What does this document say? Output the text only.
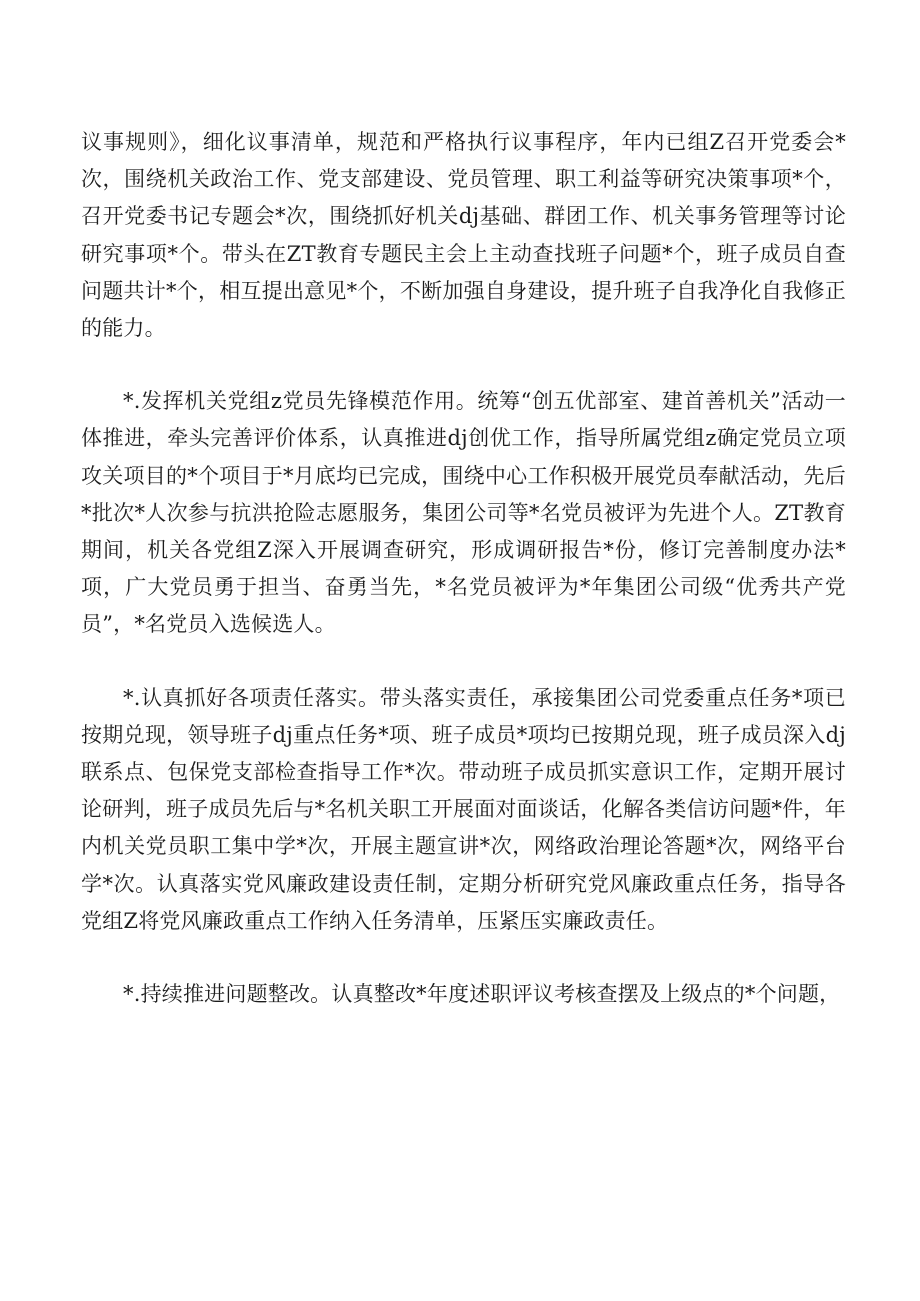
议事规则》，细化议事清单，规范和严格执行议事程序，年内已组Z召开党委会*次，围绕机关政治工作、党支部建设、党员管理、职工利益等研究决策事项*个，召开党委书记专题会*次，围绕抓好机关dj基础、群团工作、机关事务管理等讨论研究事项*个。带头在ZT教育专题民主会上主动查找班子问题*个，班子成员自查问题共计*个，相互提出意见*个，不断加强自身建设，提升班子自我净化自我修正的能力。

*.发挥机关党组z党员先锋模范作用。统筹“创五优部室、建首善机关”活动一体推进，牵头完善评价体系，认真推进dj创优工作，指导所属党组z确定党员立项攻关项目的*个项目于*月底均已完成，围绕中心工作积极开展党员奉献活动，先后*批次*人次参与抗洪抢险志愿服务，集团公司等*名党员被评为先进个人。ZT教育期间，机关各党组Z深入开展调查研究，形成调研报告*份，修订完善制度办法*项，广大党员勇于担当、奋勇当先，*名党员被评为*年集团公司级“优秀共产党员”，*名党员入选候选人。

*.认真抓好各项责任落实。带头落实责任，承接集团公司党委重点任务*项已按期兑现，领导班子dj重点任务*项、班子成员*项均已按期兑现，班子成员深入dj联系点、包保党支部检查指导工作*次。带动班子成员抓实意识工作，定期开展讨论研判，班子成员先后与*名机关职工开展面对面谈话，化解各类信访问题*件，年内机关党员职工集中学*次，开展主题宣讲*次，网络政治理论答题*次，网络平台学*次。认真落实党风廉政建设责任制，定期分析研究党风廉政重点任务，指导各党组Z将党风廉政重点工作纳入任务清单，压紧压实廉政责任。

*.持续推进问题整改。认真整改*年度述职评议考核查摆及上级点的*个问题，
